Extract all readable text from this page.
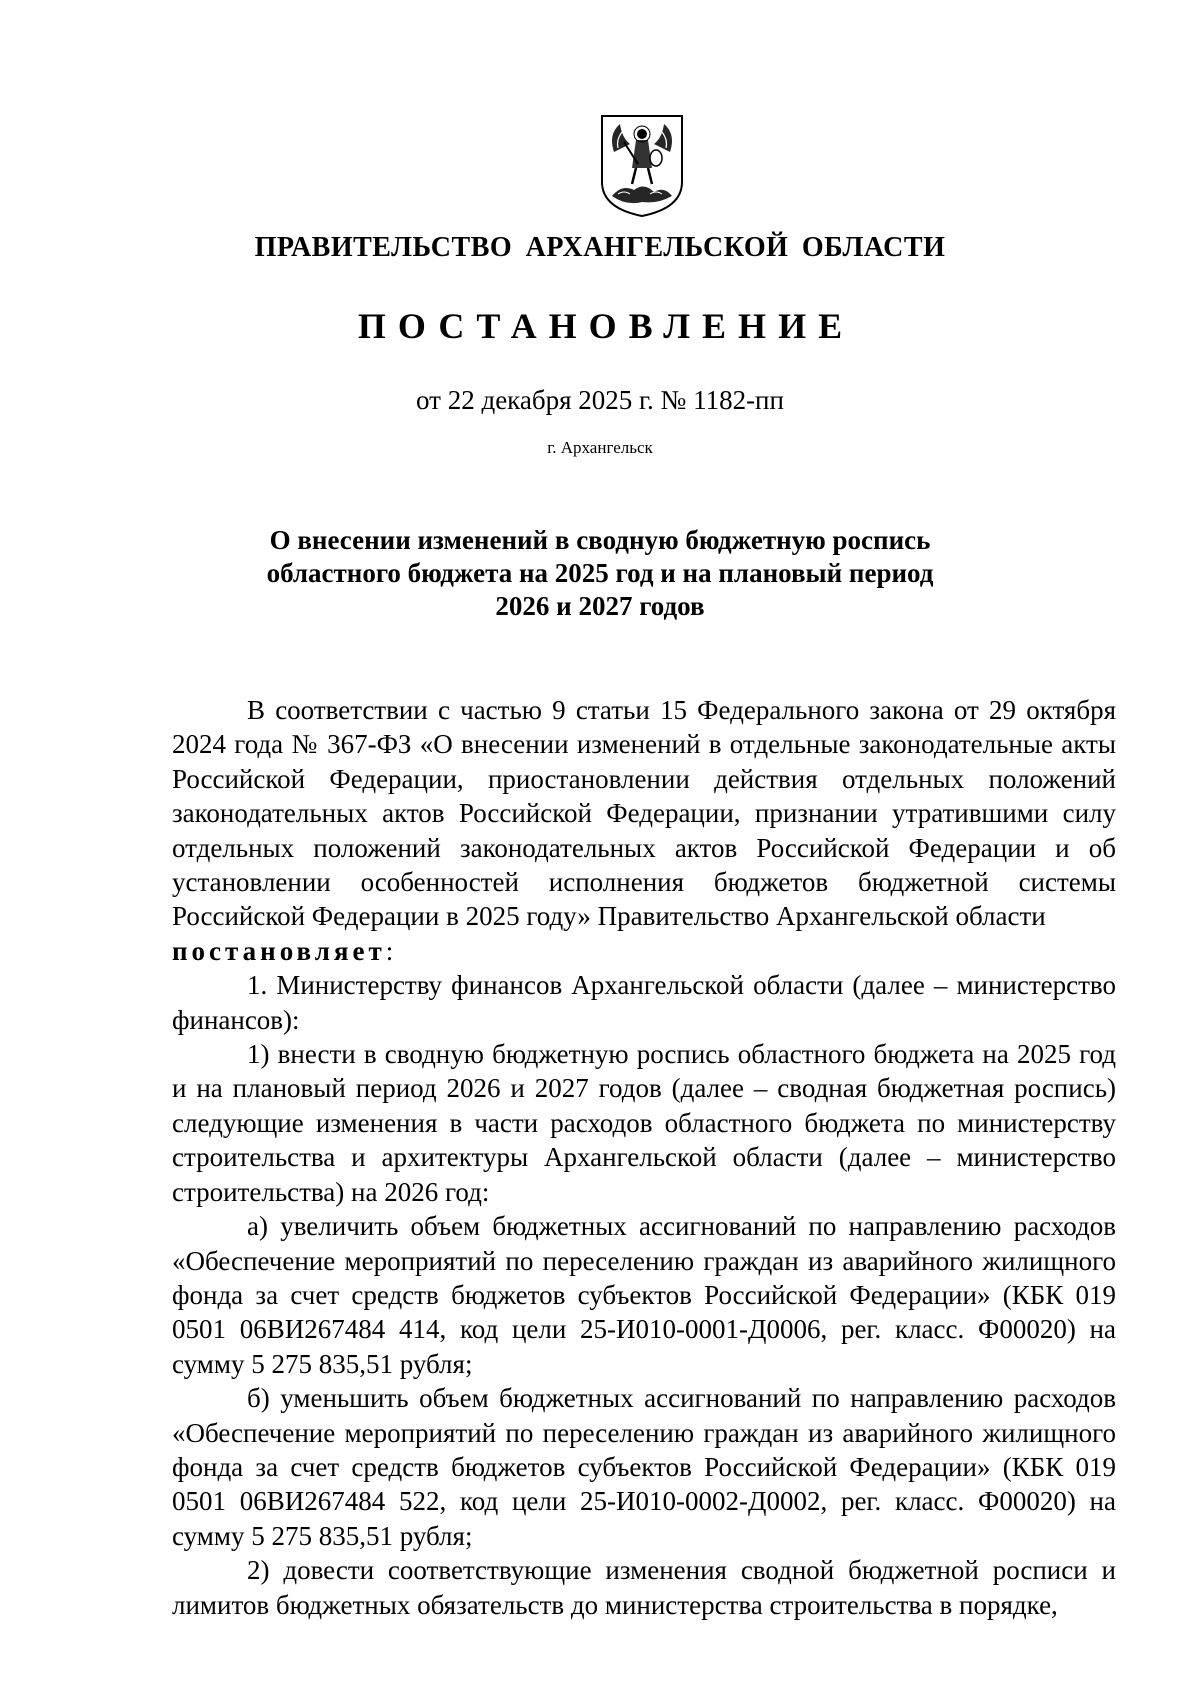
ПРАВИТЕЛЬСТВО АРХАНГЕЛЬСКОЙ ОБЛАСТИ
ПОСТАНОВЛЕНИЕ
от 22 декабря 2025 г. № 1182-пп
г. Архангельск
О внесении изменений в сводную бюджетную роспись
областного бюджета на 2025 год и на плановый период
2026 и 2027 годов

В соответствии с частью 9 статьи 15 Федерального закона от 29 октября 2024 года № 367-ФЗ «О внесении изменений в отдельные законодательные акты Российской Федерации, приостановлении действия отдельных положений законодательных актов Российской Федерации, признании утратившими силу отдельных положений законодательных актов Российской Федерации и об установлении особенностей исполнения бюджетов бюджетной системы Российской Федерации в 2025 году» Правительство Архангельской области
постановляет:

1. Министерству финансов Архангельской области (далее – министерство финансов):

1) внести в сводную бюджетную роспись областного бюджета на 2025 год и на плановый период 2026 и 2027 годов (далее – сводная бюджетная роспись) следующие изменения в части расходов областного бюджета по министерству строительства и архитектуры Архангельской области (далее – министерство строительства) на 2026 год:

а) увеличить объем бюджетных ассигнований по направлению расходов «Обеспечение мероприятий по переселению граждан из аварийного жилищного фонда за счет средств бюджетов субъектов Российской Федерации» (КБК 019 0501 06ВИ267484 414, код цели 25-И010-0001-Д0006, рег. класс. Ф00020) на сумму 5 275 835,51 рубля;

б) уменьшить объем бюджетных ассигнований по направлению расходов «Обеспечение мероприятий по переселению граждан из аварийного жилищного фонда за счет средств бюджетов субъектов Российской Федерации» (КБК 019 0501 06ВИ267484 522, код цели 25-И010-0002-Д0002, рег. класс. Ф00020) на сумму 5 275 835,51 рубля;

2) довести соответствующие изменения сводной бюджетной росписи и лимитов бюджетных обязательств до министерства строительства в порядке,
